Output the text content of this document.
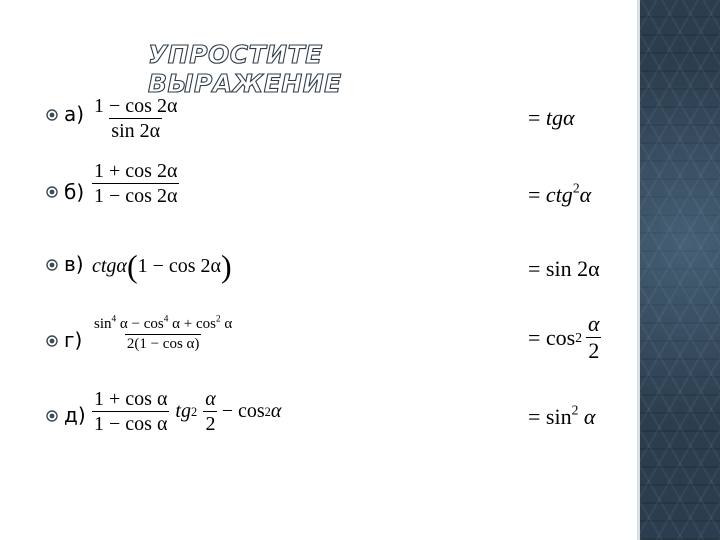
УПРОСТИТЕ ВЫРАЖЕНИЕ
$а) \frac{1 - \cos 2\alpha}{\sin 2\alpha}$	= tgα
$б) \frac{1 + \cos 2\alpha}{1 - \cos 2\alpha}$	= ctg$^2$α
в) ctgα ( 1 − cos 2α )	= sin 2α
$г) \frac{\sin^4 \alpha - \cos^4 \alpha + \cos^2 \alpha}{\text{2(1 − cos α)}}$	= $\cos 2 \frac{\alpha}{2}$
$д) \frac{\text{1 + cos α}}{\text{1 − cos α}}$ tg $2 \frac{\alpha}{2} - \cos 2$ α	= $\sin^2 \alpha$
